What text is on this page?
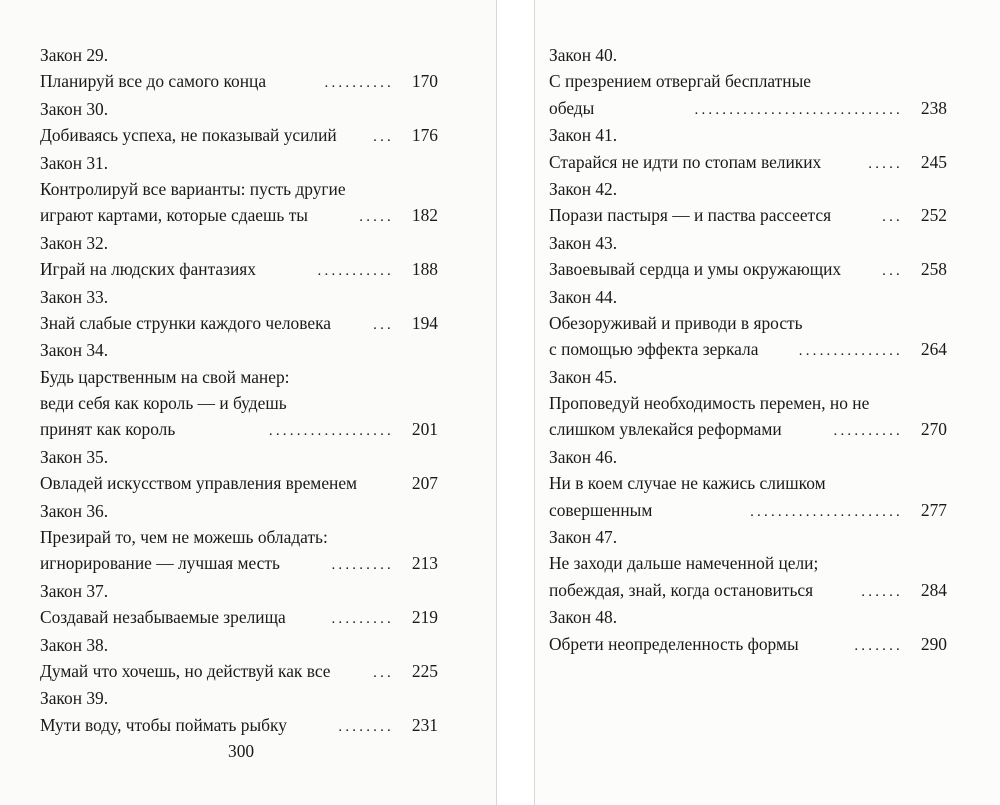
Закон 29.
Планируй все до самого конца	..........	170
Закон 30.
Добиваясь успеха, не показывай усилий	...	176
Закон 31.
Контролируй все варианты: пусть другие
играют картами, которые сдаешь ты	.....	182
Закон 32.
Играй на людских фантазиях	...........	188
Закон 33.
Знай слабые струнки каждого человека	...	194
Закон 34.
Будь царственным на свой манер:
веди себя как король — и будешь
принят как король	..................	201
Закон 35.
Овладей искусством управления временем	207
Закон 36.
Презирай то, чем не можешь обладать:
игнорирование — лучшая месть	.........	213
Закон 37.
Создавай незабываемые зрелища	.........	219
Закон 38.
Думай что хочешь, но действуй как все	...	225
Закон 39.
Мути воду, чтобы поймать рыбку	........	231
300
Закон 40.
С презрением отвергай бесплатные
обеды	..............................	238
Закон 41.
Старайся не идти по стопам великих	.....	245
Закон 42.
Порази пастыря — и паства рассеется	...	252
Закон 43.
Завоевывай сердца и умы окружающих	...	258
Закон 44.
Обезоруживай и приводи в ярость
с помощью эффекта зеркала	...............	264
Закон 45.
Проповедуй необходимость перемен, но не
слишком увлекайся реформами	..........	270
Закон 46.
Ни в коем случае не кажись слишком
совершенным	......................	277
Закон 47.
Не заходи дальше намеченной цели;
побеждая, знай, когда остановиться	......	284
Закон 48.
Обрети неопределенность формы	.......	290
